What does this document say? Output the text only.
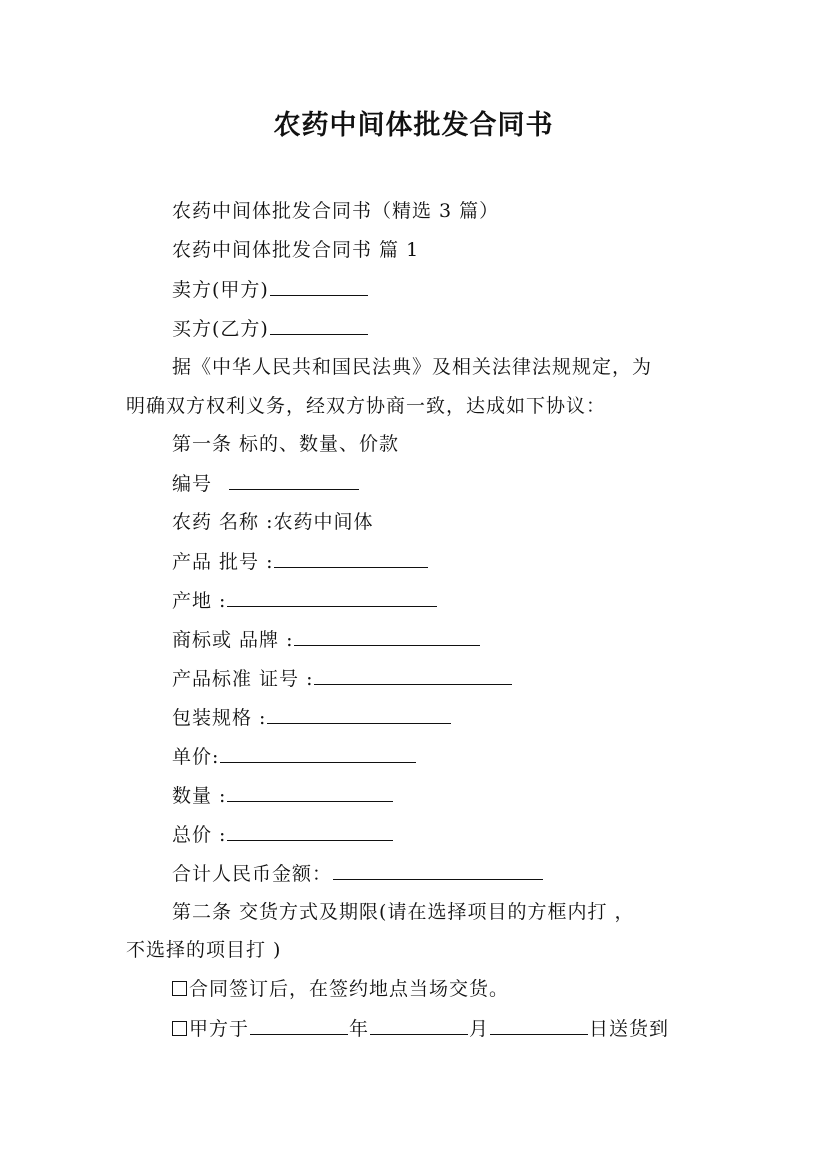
农药中间体批发合同书
农药中间体批发合同书（精选 3 篇）
农药中间体批发合同书 篇 1
卖方(甲方)
买方(乙方)
据《中华人民共和国民法典》及相关法律法规规定，为
明确双方权利义务，经双方协商一致，达成如下协议：
第一条 标的、数量、价款
编号
农药 名称 :农药中间体
产品 批号 :
产地 :
商标或 品牌 :
产品标准 证号 :
包装规格 :
单价:
数量 :
总价 :
合计人民币金额：
第二条 交货方式及期限(请在选择项目的方框内打 ，
不选择的项目打 )
合同签订后，在签约地点当场交货。
甲方于	年	月	日送货到
